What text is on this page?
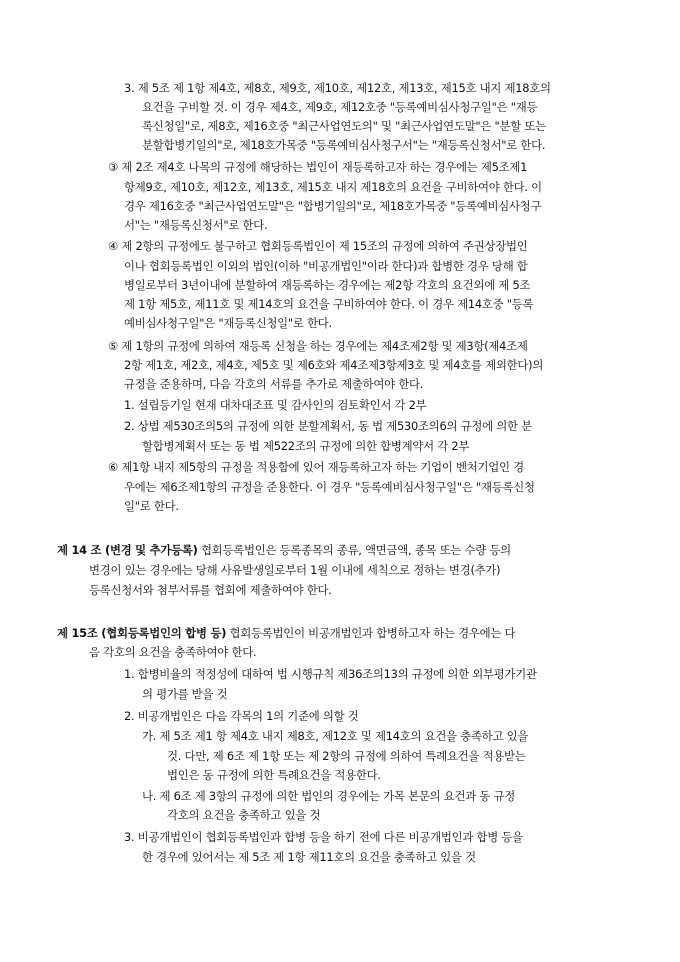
3. 제 5조 제 1항 제4호, 제8호, 제9호, 제10호, 제12호, 제13호, 제15호 내지 제18호의
요건을 구비할 것. 이 경우 제4호, 제9호, 제12호중 "등록예비심사청구일"은 "재등
록신청일"로, 제8호, 제16호중 "최근사업연도의" 및 "최근사업연도말"은 "분할 또는
분할합병기일의"로, 제18호가목중 "등록예비심사청구서"는 "재등록신청서"로 한다.
③ 제 2조 제4호 나목의 규정에 해당하는 법인이 재등록하고자 하는 경우에는 제5조제1
항제9호, 제10호, 제12호, 제13호, 제15호 내지 제18호의 요건을 구비하여야 한다. 이
경우 제16호중 "최근사업연도말"은 "합병기일의"로, 제18호가목중 "등록예비심사청구
서"는 "재등록신청서"로 한다.
④ 제 2항의 규정에도 불구하고 협회등록법인이 제 15조의 규정에 의하여 주권상장법인
이나 협회등록법인 이외의 법인(이하 "비공개법인"이라 한다)과 합병한 경우 당해 합
병일로부터 3년이내에 분할하여 재등록하는 경우에는 제2항 각호의 요건외에 제 5조
제 1항 제5호, 제11호 및 제14호의 요건을 구비하여야 한다. 이 경우 제14호중 "등록
예비심사청구일"은 "재등록신청일"로 한다.
⑤ 제 1항의 규정에 의하여 재등록 신청을 하는 경우에는 제4조제2항 및 제3항(제4조제
2항 제1호, 제2호, 제4호, 제5호 및 제6호와 제4조제3항제3호 및 제4호를 제외한다)의
규정을 준용하며, 다음 각호의 서류를 추가로 제출하여야 한다.
1. 설립등기일 현재 대차대조표 및 감사인의 검토확인서 각 2부
2. 상법 제530조의5의 규정에 의한 분할계획서, 동 법 제530조의6의 규정에 의한 분
할합병계획서 또는 동 법 제522조의 규정에 의한 합병계약서 각 2부
⑥ 제1항 내지 제5항의 규정을 적용함에 있어 재등록하고자 하는 기업이 벤처기업인 경
우에는 제6조제1항의 규정을 준용한다. 이 경우 "등록예비심사청구일"은 "재등록신청
일"로 한다.
제 14 조 (변경 및 추가등록) 협회등록법인은 등록종목의 종류, 액면금액, 종목 또는 수량 등의
변경이 있는 경우에는 당해 사유발생일로부터 1월 이내에 세칙으로 정하는 변경(추가)
등록신청서와 첨부서류를 협회에 제출하여야 한다.
제 15조 (협회등록법인의 합병 등) 협회등록법인이 비공개법인과 합병하고자 하는 경우에는 다
음 각호의 요건을 충족하여야 한다.
1. 합병비율의 적정성에 대하여 법 시행규칙 제36조의13의 규정에 의한 외부평가기관
의 평가를 받을 것
2. 비공개법인은 다음 각목의 1의 기준에 의할 것
가. 제 5조 제1 항 제4호 내지 제8호, 제12호 및 제14호의 요건을 충족하고 있을
것. 다만, 제 6조 제 1항 또는 제 2항의 규정에 의하여 특례요건을 적용받는
법인은 동 규정에 의한 특례요건을 적용한다.
나. 제 6조 제 3항의 규정에 의한 법인의 경우에는 가목 본문의 요건과 동 규정
각호의 요건을 충족하고 있을 것
3. 비공개법인이 협회등록법인과 합병 등을 하기 전에 다른 비공개법인과 합병 등을
한 경우에 있어서는 제 5조 제 1항 제11호의 요건을 충족하고 있을 것
